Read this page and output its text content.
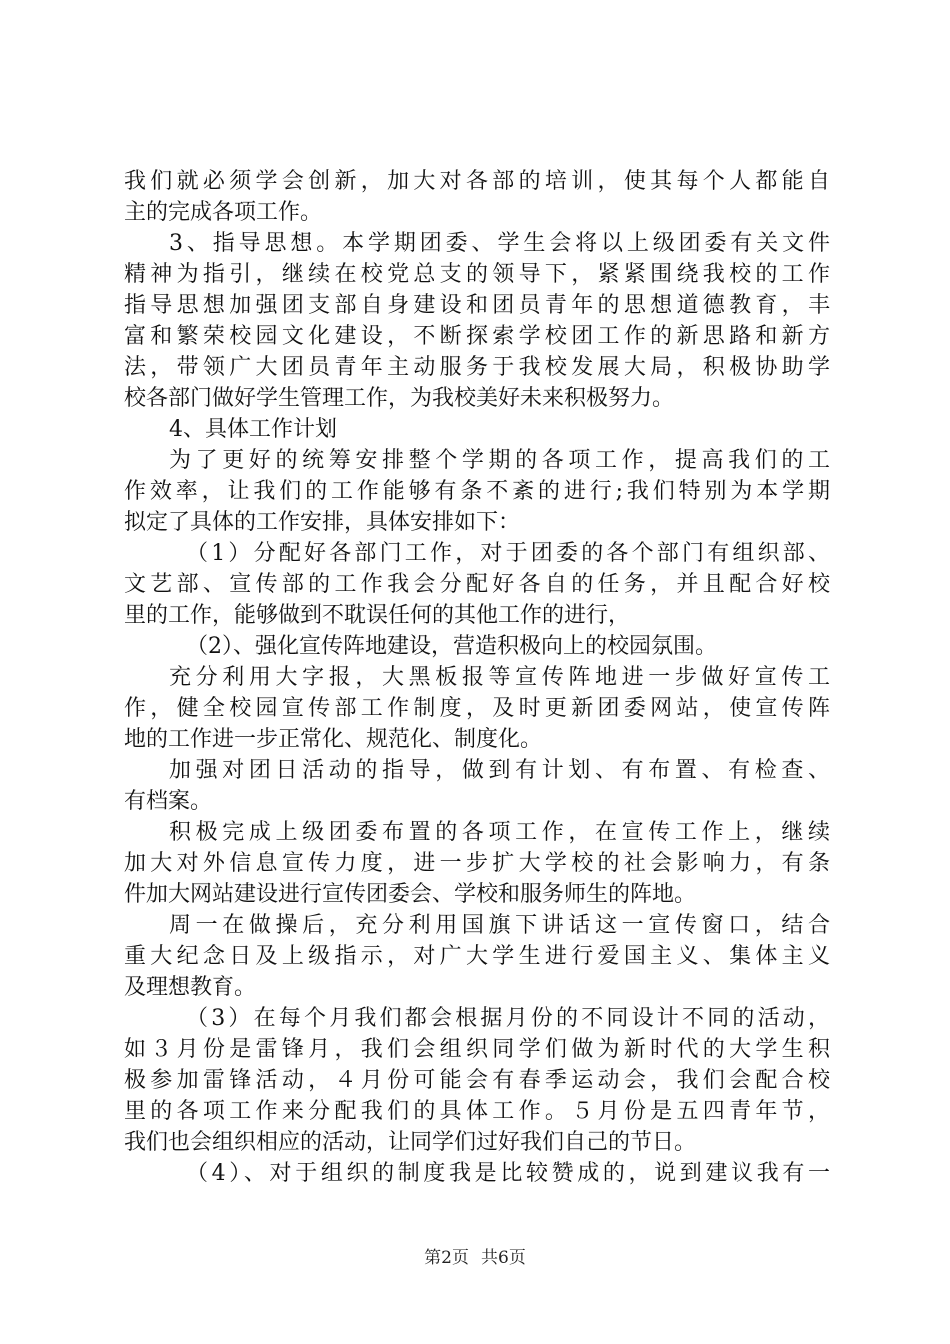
我们就必须学会创新，加大对各部的培训，使其每个人都能自
主的完成各项工作。
3、指导思想。本学期团委、学生会将以上级团委有关文件
精神为指引，继续在校党总支的领导下，紧紧围绕我校的工作
指导思想加强团支部自身建设和团员青年的思想道德教育，丰
富和繁荣校园文化建设，不断探索学校团工作的新思路和新方
法，带领广大团员青年主动服务于我校发展大局，积极协助学
校各部门做好学生管理工作，为我校美好未来积极努力。
4、具体工作计划
为了更好的统筹安排整个学期的各项工作，提高我们的工
作效率，让我们的工作能够有条不紊的进行;我们特别为本学期
拟定了具体的工作安排，具体安排如下：
（1）分配好各部门工作，对于团委的各个部门有组织部、
文艺部、宣传部的工作我会分配好各自的任务，并且配合好校
里的工作，能够做到不耽误任何的其他工作的进行，
（2）、强化宣传阵地建设，营造积极向上的校园氛围。
充分利用大字报，大黑板报等宣传阵地进一步做好宣传工
作，健全校园宣传部工作制度，及时更新团委网站，使宣传阵
地的工作进一步正常化、规范化、制度化。
加强对团日活动的指导，做到有计划、有布置、有检查、
有档案。
积极完成上级团委布置的各项工作，在宣传工作上，继续
加大对外信息宣传力度，进一步扩大学校的社会影响力，有条
件加大网站建设进行宣传团委会、学校和服务师生的阵地。
周一在做操后，充分利用国旗下讲话这一宣传窗口，结合
重大纪念日及上级指示，对广大学生进行爱国主义、集体主义
及理想教育。
（3）在每个月我们都会根据月份的不同设计不同的活动，
如３月份是雷锋月，我们会组织同学们做为新时代的大学生积
极参加雷锋活动，４月份可能会有春季运动会，我们会配合校
里的各项工作来分配我们的具体工作。５月份是五四青年节，
我们也会组织相应的活动，让同学们过好我们自己的节日。
（4）、对于组织的制度我是比较赞成的，说到建议我有一
第2页 共6页
